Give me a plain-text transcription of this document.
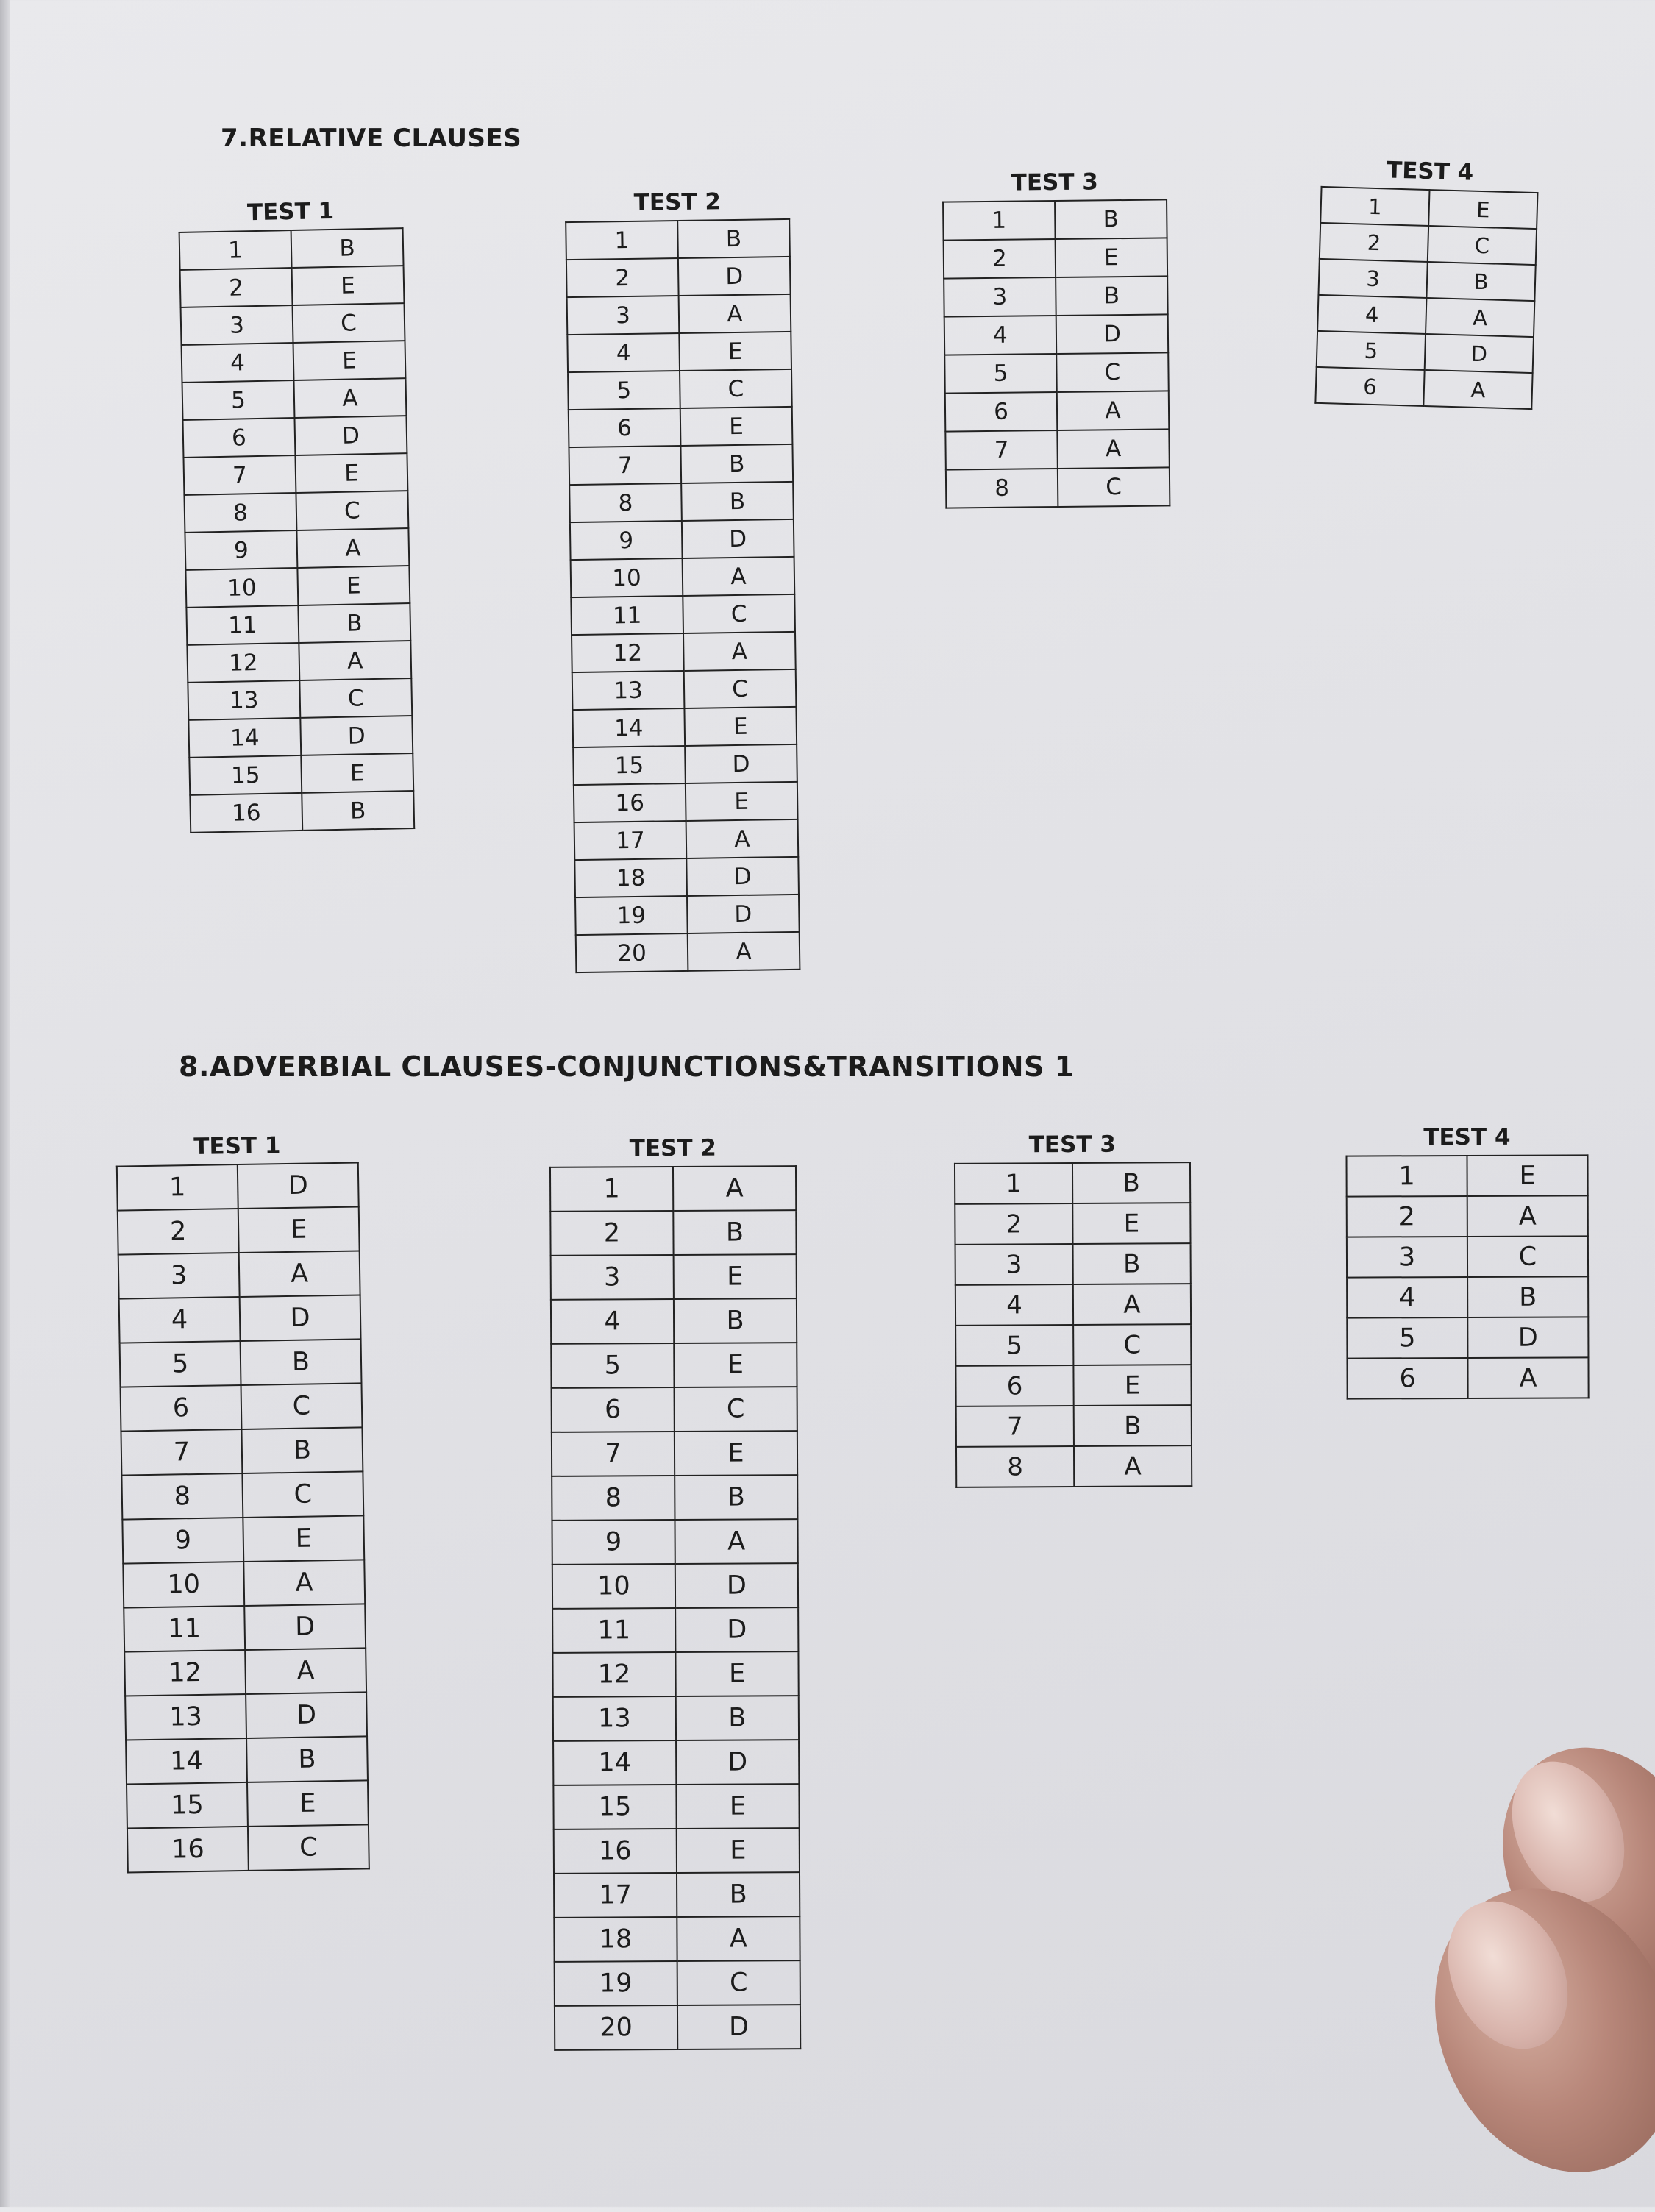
7.RELATIVE CLAUSES
TEST 1
1	B
2	E
3	C
4	E
5	A
6	D
7	E
8	C
9	A
10	E
11	B
12	A
13	C
14	D
15	E
16	B
TEST 2
1	B
2	D
3	A
4	E
5	C
6	E
7	B
8	B
9	D
10	A
11	C
12	A
13	C
14	E
15	D
16	E
17	A
18	D
19	D
20	A
TEST 3
1	B
2	E
3	B
4	D
5	C
6	A
7	A
8	C
TEST 4
1	E
2	C
3	B
4	A
5	D
6	A
8.ADVERBIAL CLAUSES-CONJUNCTIONS&TRANSITIONS 1
TEST 1
1	D
2	E
3	A
4	D
5	B
6	C
7	B
8	C
9	E
10	A
11	D
12	A
13	D
14	B
15	E
16	C
TEST 2
1	A
2	B
3	E
4	B
5	E
6	C
7	E
8	B
9	A
10	D
11	D
12	E
13	B
14	D
15	E
16	E
17	B
18	A
19	C
20	D
TEST 3
1	B
2	E
3	B
4	A
5	C
6	E
7	B
8	A
TEST 4
1	E
2	A
3	C
4	B
5	D
6	A
